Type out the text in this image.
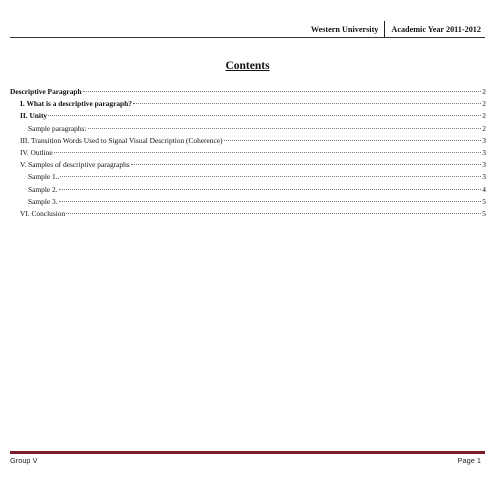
Western University Academic Year 2011-2012
Contents
Descriptive Paragraph	2
I. What is a descriptive paragraph?	2
II. Unity	2
Sample paragraphs:	2
III. Transition Words Used to Signal Visual Description (Coherence)	3
IV. Outline	3
V. Samples of descriptive paragraphs	3
Sample 1..	3
Sample 2.	4
Sample 3.	5
VI. Conclusion	5
Group V	Page 1
